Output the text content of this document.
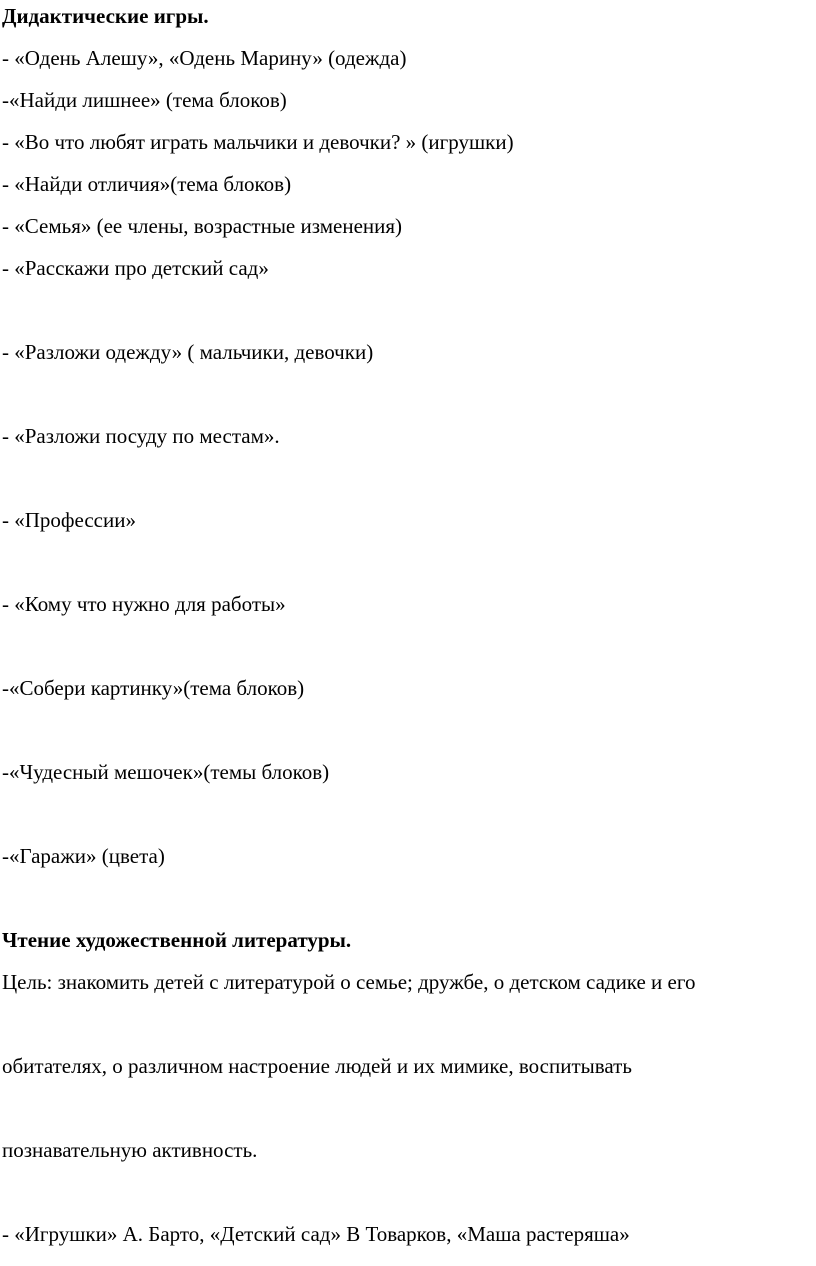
Дидактические игры.
- «Одень Алешу», «Одень Марину» (одежда)
-«Найди лишнее» (тема блоков)
- «Во что любят играть мальчики и девочки? » (игрушки)
- «Найди отличия»(тема блоков)
- «Семья» (ее члены, возрастные изменения)
- «Расскажи про детский сад»
- «Разложи одежду» ( мальчики, девочки)
- «Разложи посуду по местам».
- «Профессии»
- «Кому что нужно для работы»
-«Собери картинку»(тема блоков)
-«Чудесный мешочек»(темы блоков)
-«Гаражи» (цвета)
Чтение художественной литературы.
Цель: знакомить детей с литературой о семье; дружбе, о детском садике и его
обитателях, о различном настроение людей и их мимике, воспитывать
познавательную активность.
- «Игрушки» А. Барто, «Детский сад» В Товарков, «Маша растеряша»
